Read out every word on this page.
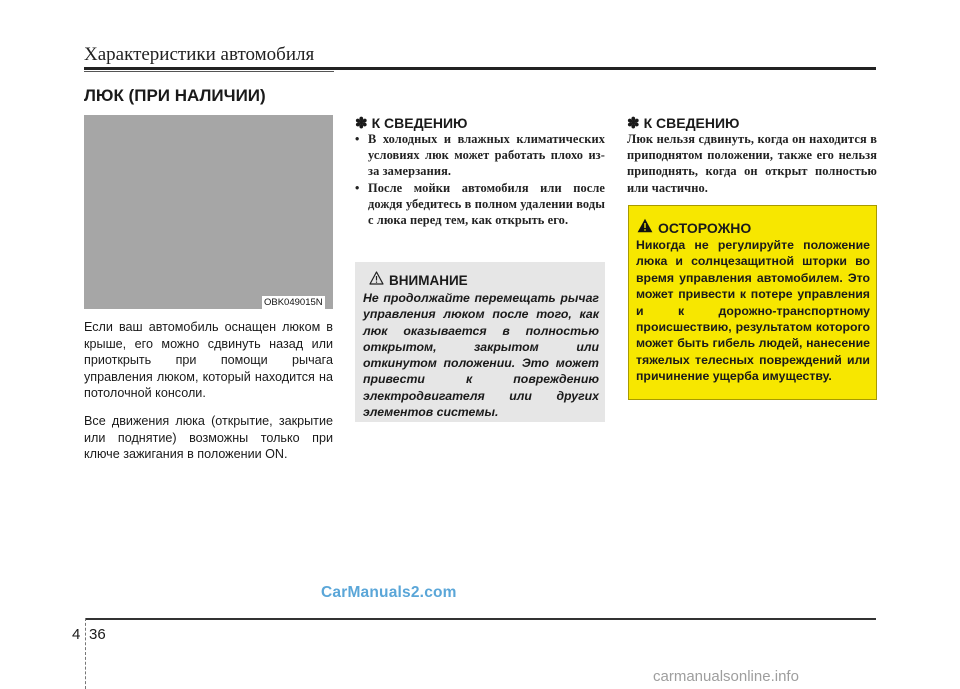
Характеристики автомобиля
ЛЮК (ПРИ НАЛИЧИИ)
OBK049015N
Если ваш автомобиль оснащен люком в крыше, его можно сдвинуть назад или приоткрыть при помощи рычага управления люком, который находится на потолочной консоли.
Все движения люка (открытие, закрытие или поднятие) возможны только при ключе зажигания в положении ON.
✽ К СВЕДЕНИЮ
• В холодных и влажных климатических условиях люк может работать плохо из-за замерзания.
• После мойки автомобиля или после дождя убедитесь в полном удалении воды с люка перед тем, как открыть его.
ВНИМАНИЕ
Не продолжайте перемещать рычаг управления люком после того, как люк оказывается в полностью открытом, закрытом или откинутом положении. Это может привести к повреждению электродвигателя или других элементов системы.
✽ К СВЕДЕНИЮ
Люк нельзя сдвинуть, когда он находится в приподнятом положении, также его нельзя приподнять, когда он открыт полностью или частично.
ОСТОРОЖНО
Никогда не регулируйте положение люка и солнцезащитной шторки во время управления автомобилем. Это может привести к потере управления и к дорожно-транспортному происшествию, результатом которого может быть гибель людей, нанесение тяжелых телесных повреждений или причинение ущерба имуществу.
CarManuals2.com
4 36
carmanualsonline.info
